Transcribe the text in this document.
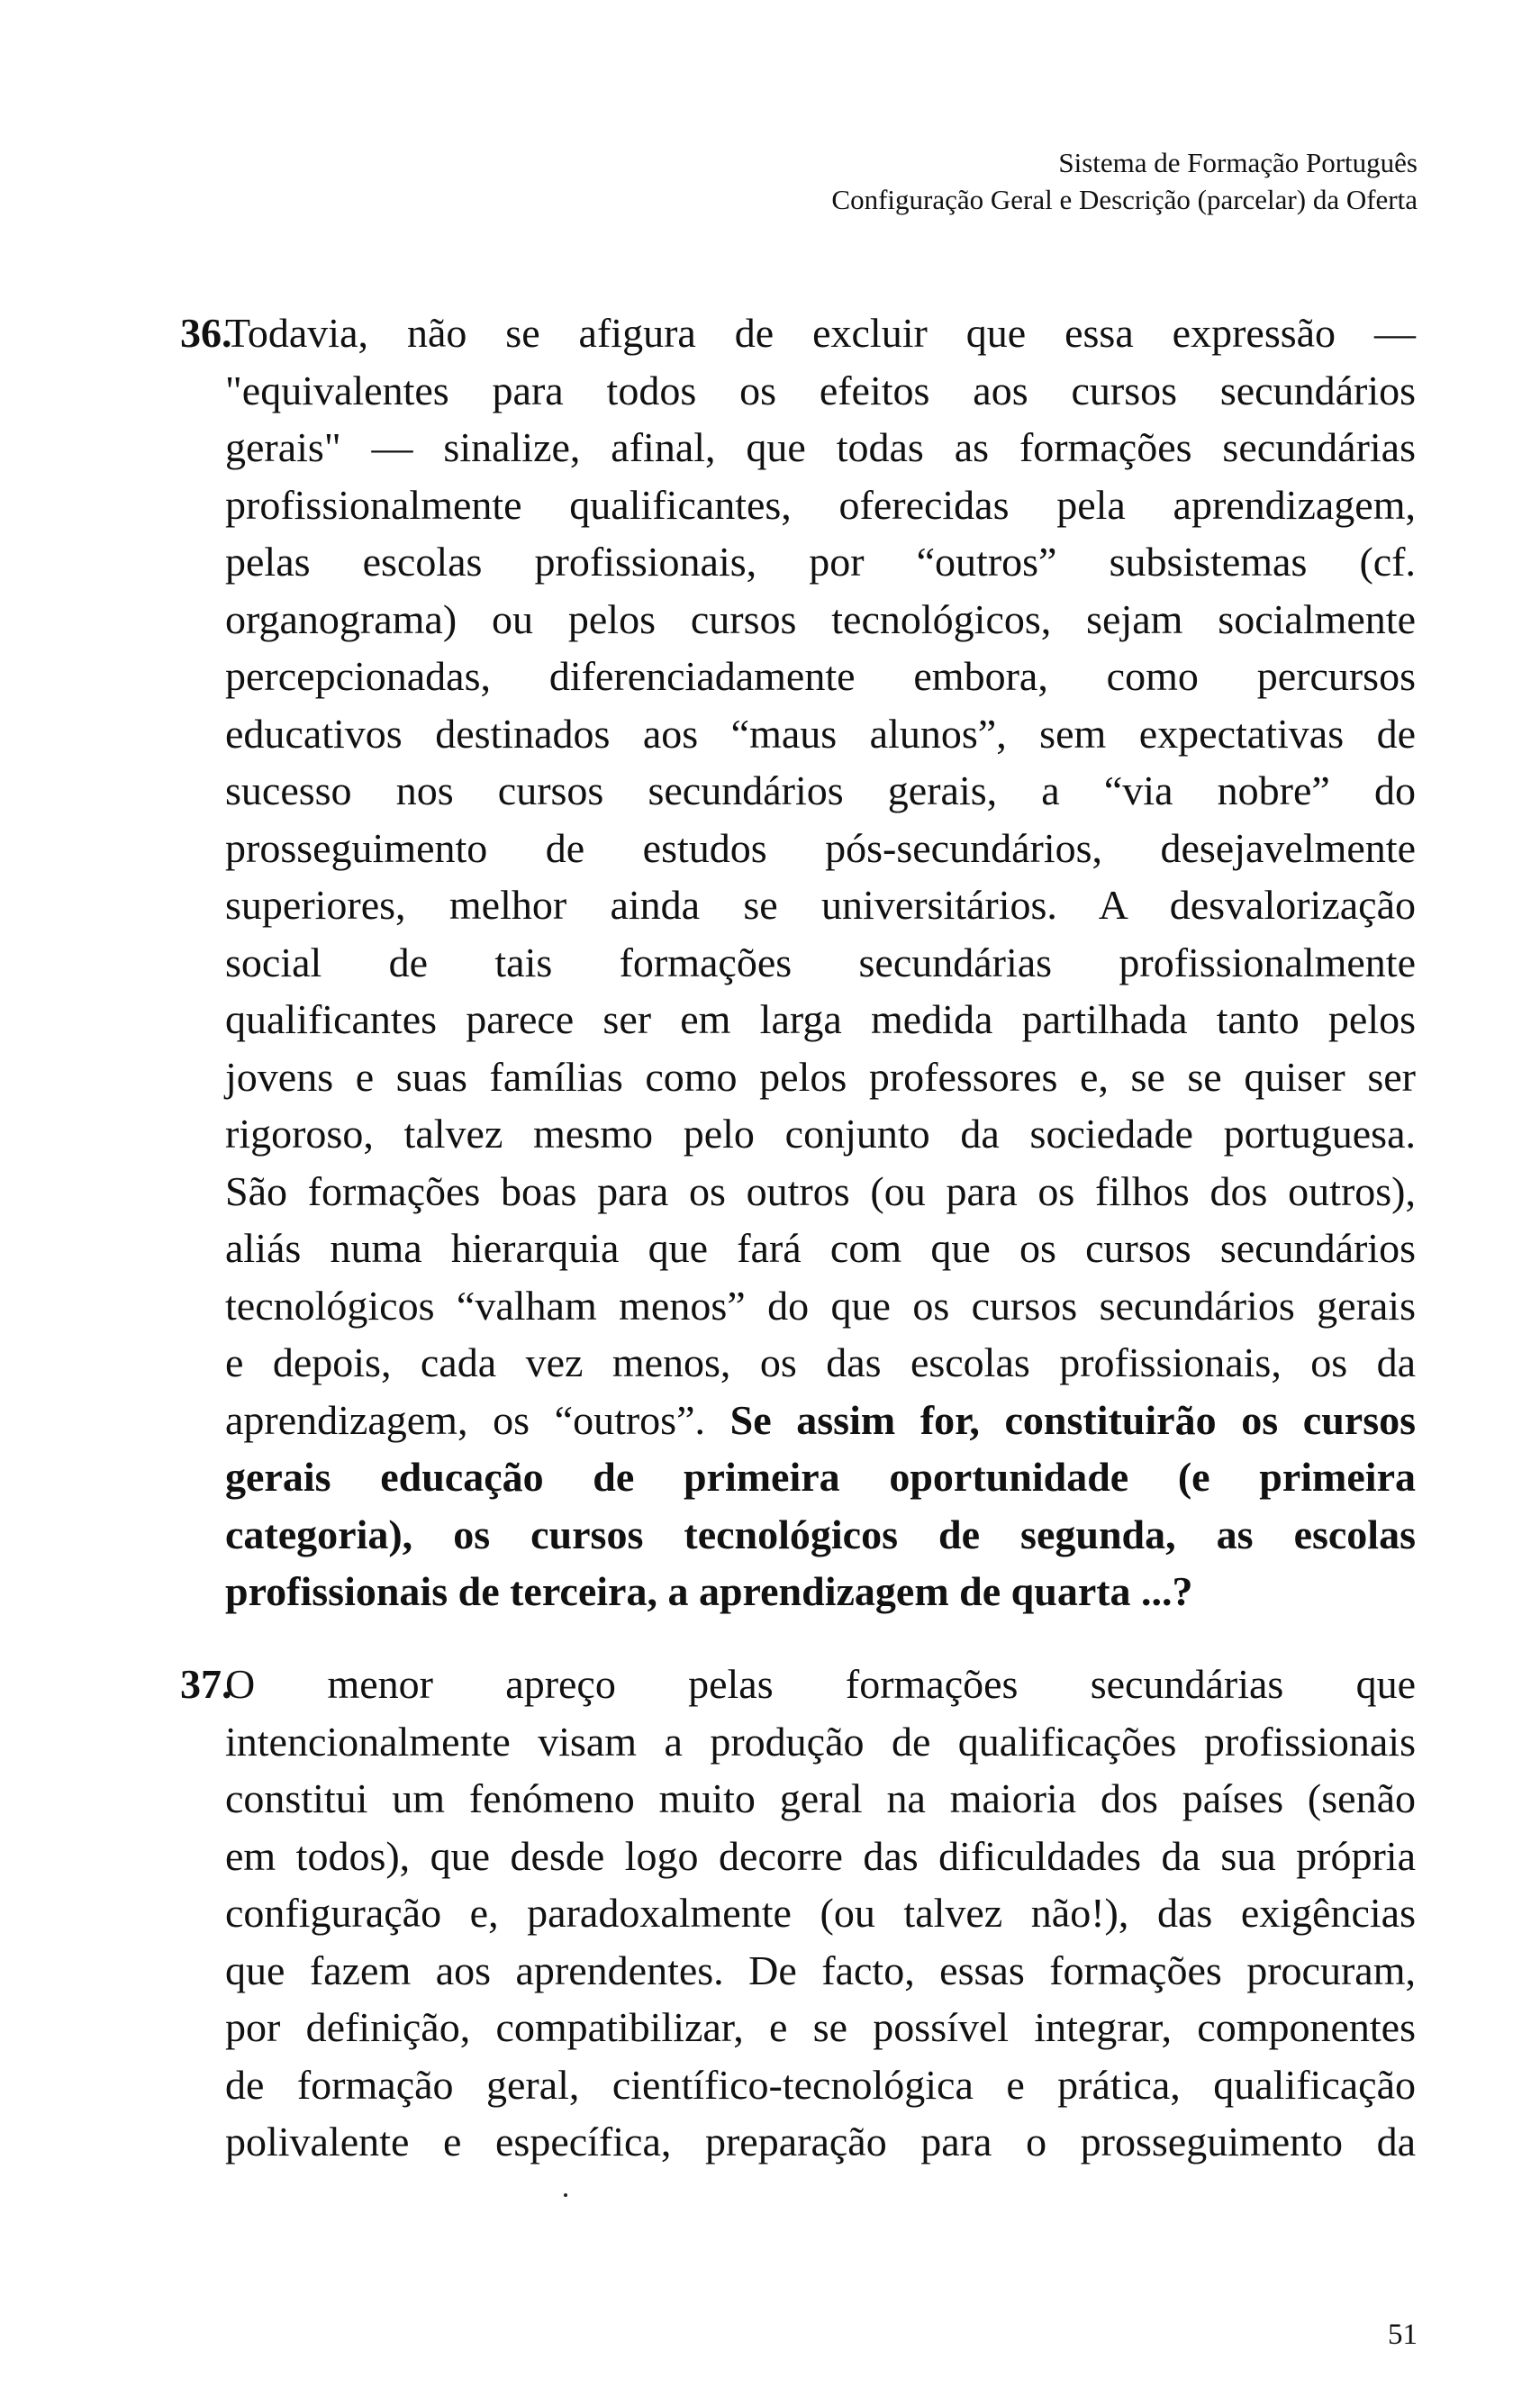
Sistema de Formação Português
Configuração Geral e Descrição (parcelar) da Oferta
36.
Todavia, não se afigura de excluir que essa expressão —
"equivalentes para todos os efeitos aos cursos secundários
gerais" — sinalize, afinal, que todas as formações secundárias
profissionalmente qualificantes, oferecidas pela aprendizagem,
pelas escolas profissionais, por “outros” subsistemas (cf.
organograma) ou pelos cursos tecnológicos, sejam socialmente
percepcionadas, diferenciadamente embora, como percursos
educativos destinados aos “maus alunos”, sem expectativas de
sucesso nos cursos secundários gerais, a “via nobre” do
prosseguimento de estudos pós-secundários, desejavelmente
superiores, melhor ainda se universitários. A desvalorização
social de tais formações secundárias profissionalmente
qualificantes parece ser em larga medida partilhada tanto pelos
jovens e suas famílias como pelos professores e, se se quiser ser
rigoroso, talvez mesmo pelo conjunto da sociedade portuguesa.
São formações boas para os outros (ou para os filhos dos outros),
aliás numa hierarquia que fará com que os cursos secundários
tecnológicos “valham menos” do que os cursos secundários gerais
e depois, cada vez menos, os das escolas profissionais, os da
aprendizagem, os “outros”. Se assim for, constituirão os cursos
gerais educação de primeira oportunidade (e primeira
categoria), os cursos tecnológicos de segunda, as escolas
profissionais de terceira, a aprendizagem de quarta ...?
37.
O menor apreço pelas formações secundárias que
intencionalmente visam a produção de qualificações profissionais
constitui um fenómeno muito geral na maioria dos países (senão
em todos), que desde logo decorre das dificuldades da sua própria
configuração e, paradoxalmente (ou talvez não!), das exigências
que fazem aos aprendentes. De facto, essas formações procuram,
por definição, compatibilizar, e se possível integrar, componentes
de formação geral, científico-tecnológica e prática, qualificação
polivalente e específica, preparação para o prosseguimento da
51
